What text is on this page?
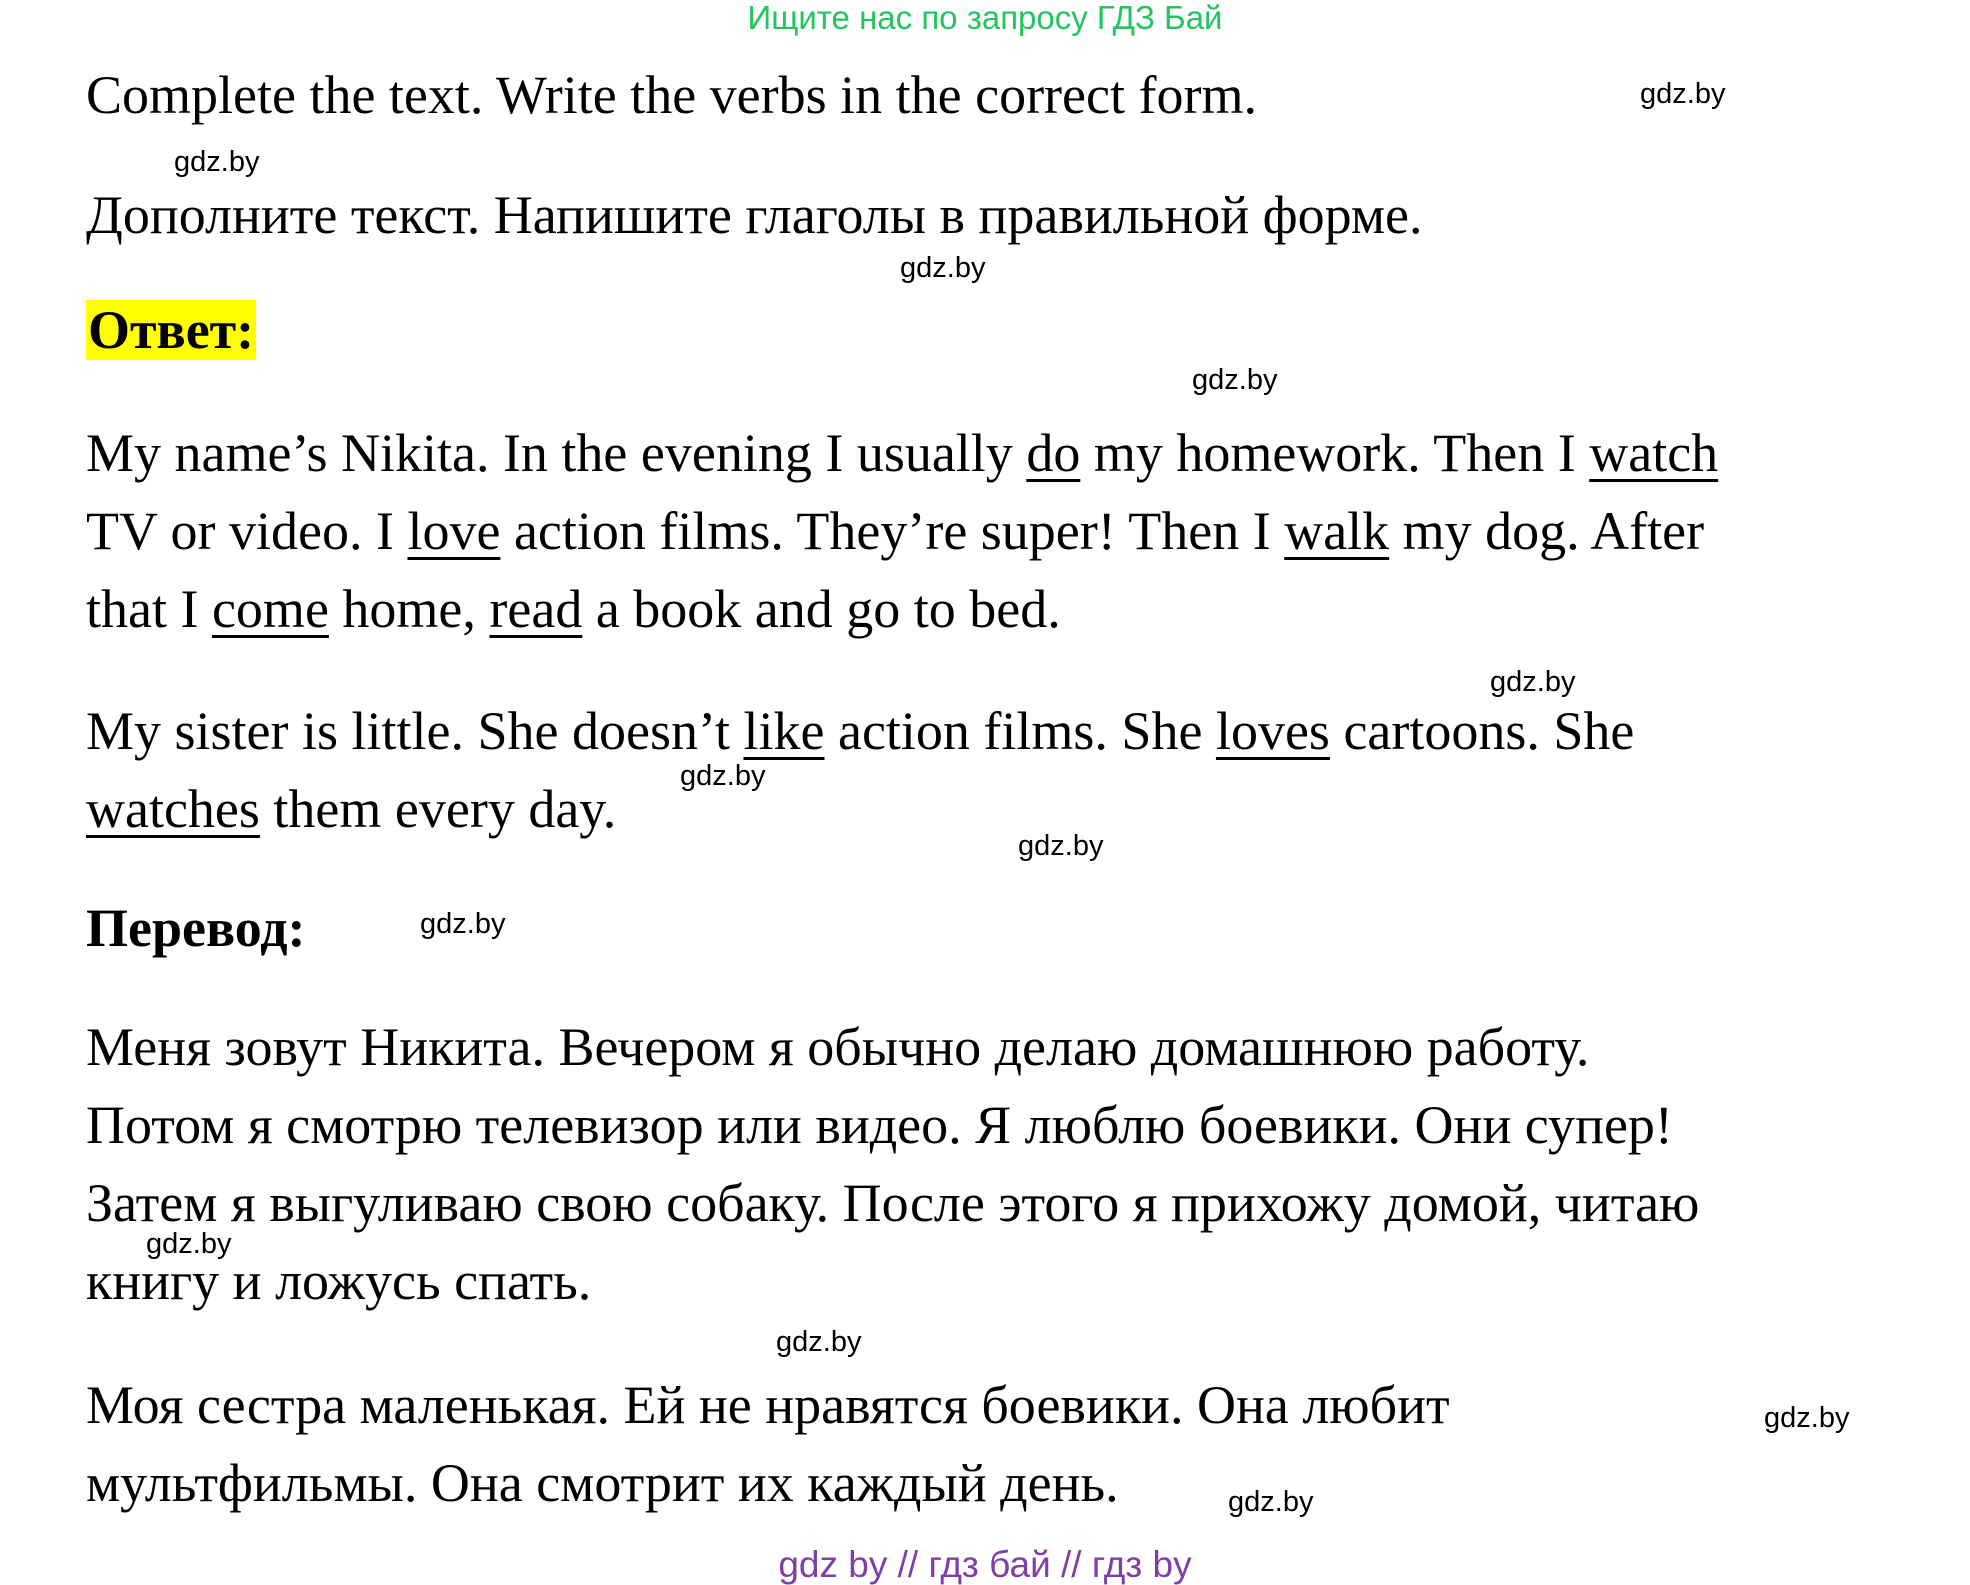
Ищите нас по запросу ГДЗ Бай
Complete the text. Write the verbs in the correct form.
Дополните текст. Напишите глаголы в правильной форме.
Ответ:
My name’s Nikita. In the evening I usually do my homework. Then I watch
TV or video. I love action films. They’re super! Then I walk my dog. After
that I come home, read a book and go to bed.
My sister is little. She doesn’t like action films. She loves cartoons. She
watches them every day.
Перевод:
Меня зовут Никита. Вечером я обычно делаю домашнюю работу.
Потом я смотрю телевизор или видео. Я люблю боевики. Они супер!
Затем я выгуливаю свою собаку. После этого я прихожу домой, читаю
книгу и ложусь спать.
Моя сестра маленькая. Ей не нравятся боевики. Она любит
мультфильмы. Она смотрит их каждый день.
gdz.by
gdz.by
gdz.by
gdz.by
gdz.by
gdz.by
gdz.by
gdz.by
gdz.by
gdz.by
gdz.by
gdz.by
gdz by // гдз бай // гдз by
